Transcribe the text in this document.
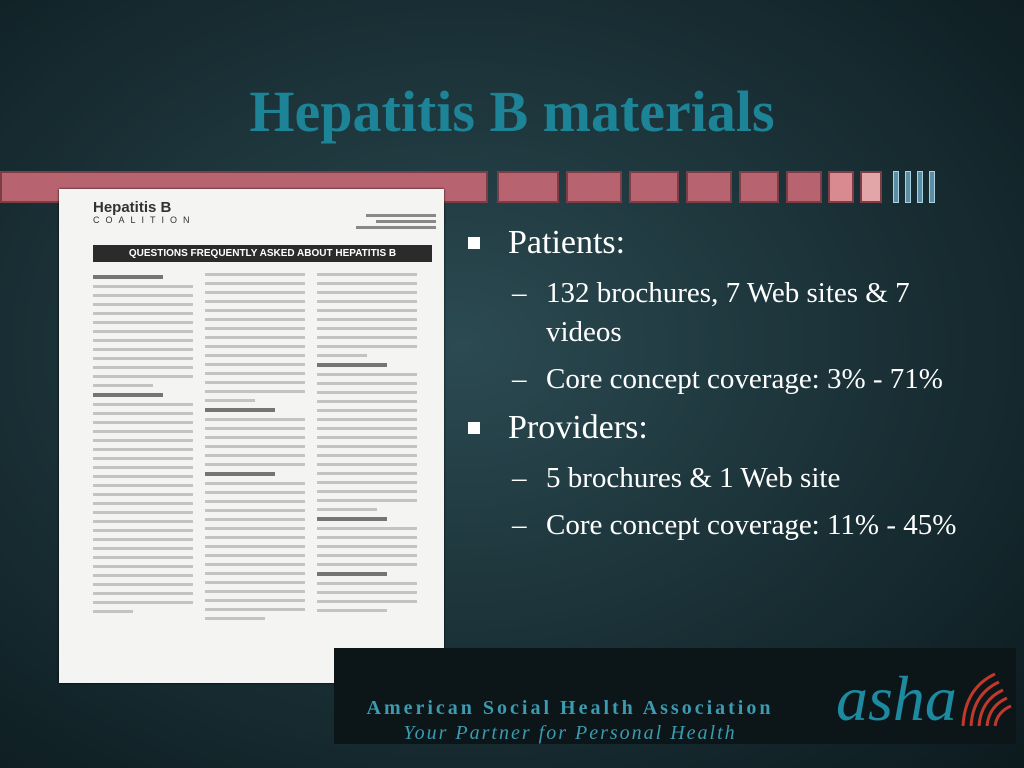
Hepatitis B materials
Hepatitis B
COALITION
QUESTIONS FREQUENTLY ASKED ABOUT HEPATITIS B	Patients:
– 132 brochures, 7 Web sites & 7 videos
– Core concept coverage: 3% - 71%
Providers:
– 5 brochures & 1 Web site
– Core concept coverage: 11% - 45%
American Social Health Association
Your Partner for Personal Health	asha
